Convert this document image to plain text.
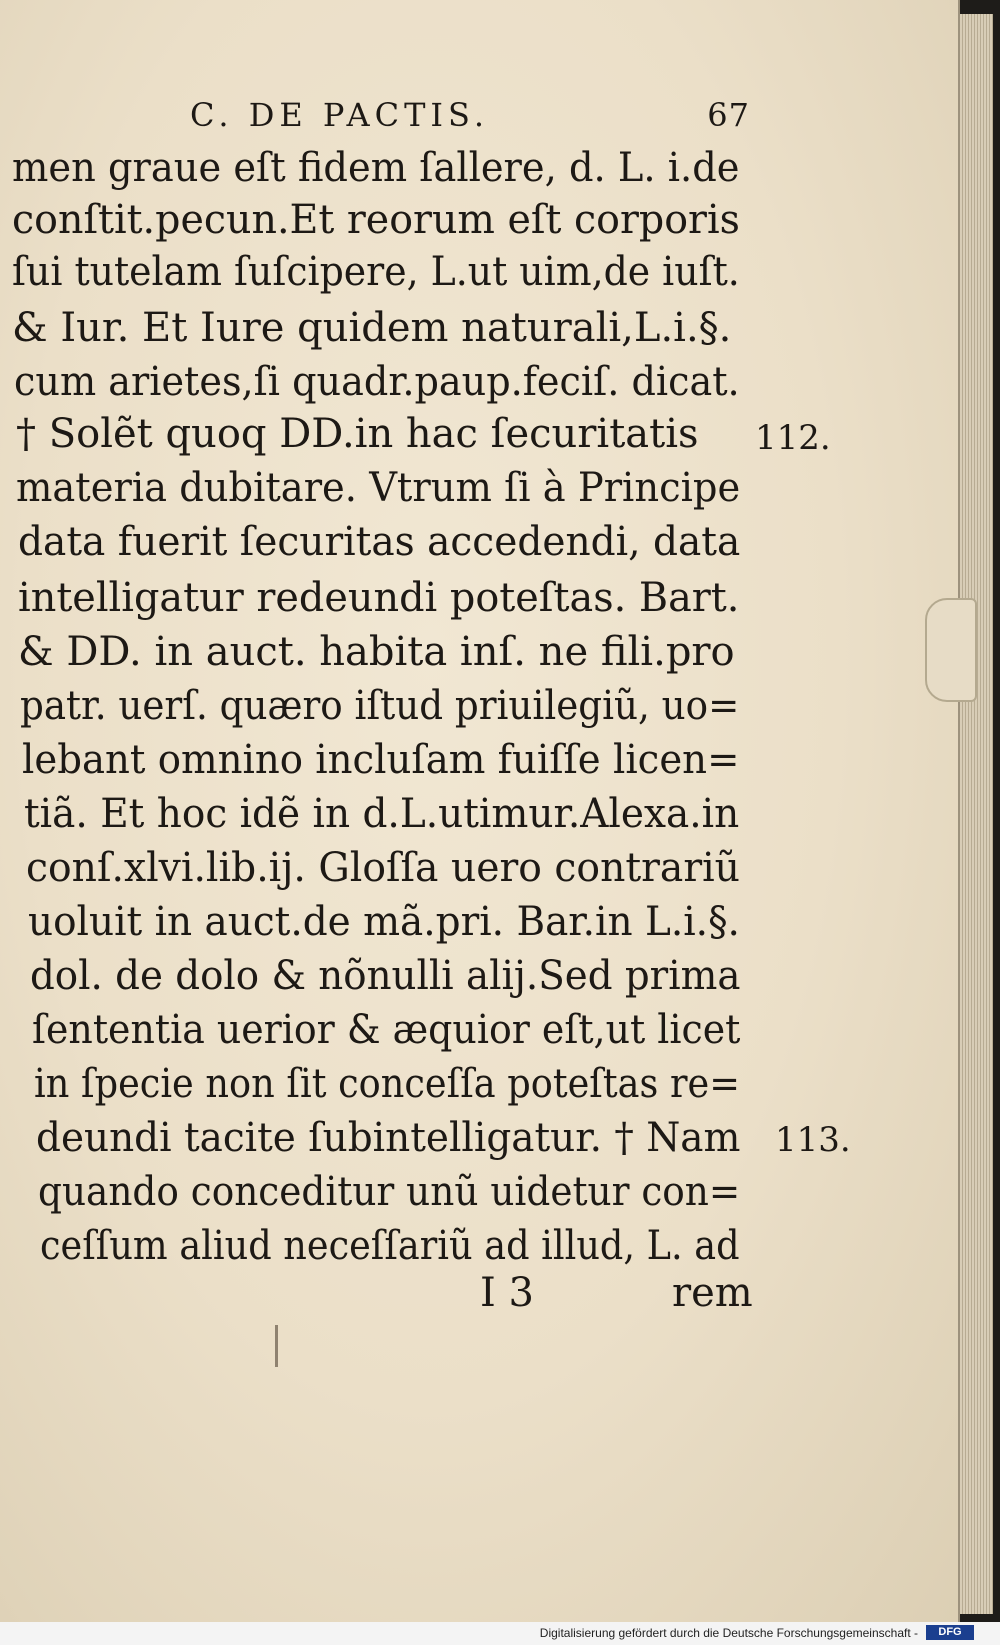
C. DE PACTIS.	67
men graue eſt fidem ſallere, d. L. i.de
conſtit.pecun.Et reorum eſt corporis
ſui tutelam ſuſcipere, L.ut uim,de iuſt.
& Iur. Et Iure quidem naturali,L.i.§.
cum arietes,ſi quadr.paup.feciſ. dicat.
† Solẽt quoq DD.in hac ſecuritatis
materia dubitare. Vtrum ſi à Principe
data fuerit ſecuritas accedendi, data
intelligatur redeundi poteſtas. Bart.
& DD. in auct. habita inſ. ne fili.pro
patr. uerſ. quæro iſtud priuilegiũ, uo=
lebant omnino incluſam fuiſſe licen=
tiã. Et hoc idẽ in d.L.utimur.Alexa.in
conſ.xlvi.lib.ij. Gloſſa uero contrariũ
uoluit in auct.de mã.pri. Bar.in L.i.§.
dol. de dolo & nõnulli alij.Sed prima
ſententia uerior & æquior eſt,ut licet
in ſpecie non ſit conceſſa poteſtas re=
deundi tacite ſubintelligatur. † Nam
quando conceditur unũ uidetur con=
ceſſum aliud neceſſariũ ad illud, L. ad
112.
113.
I 3	rem
Digitalisierung gefördert durch die Deutsche Forschungsgemeinschaft -	DFG
